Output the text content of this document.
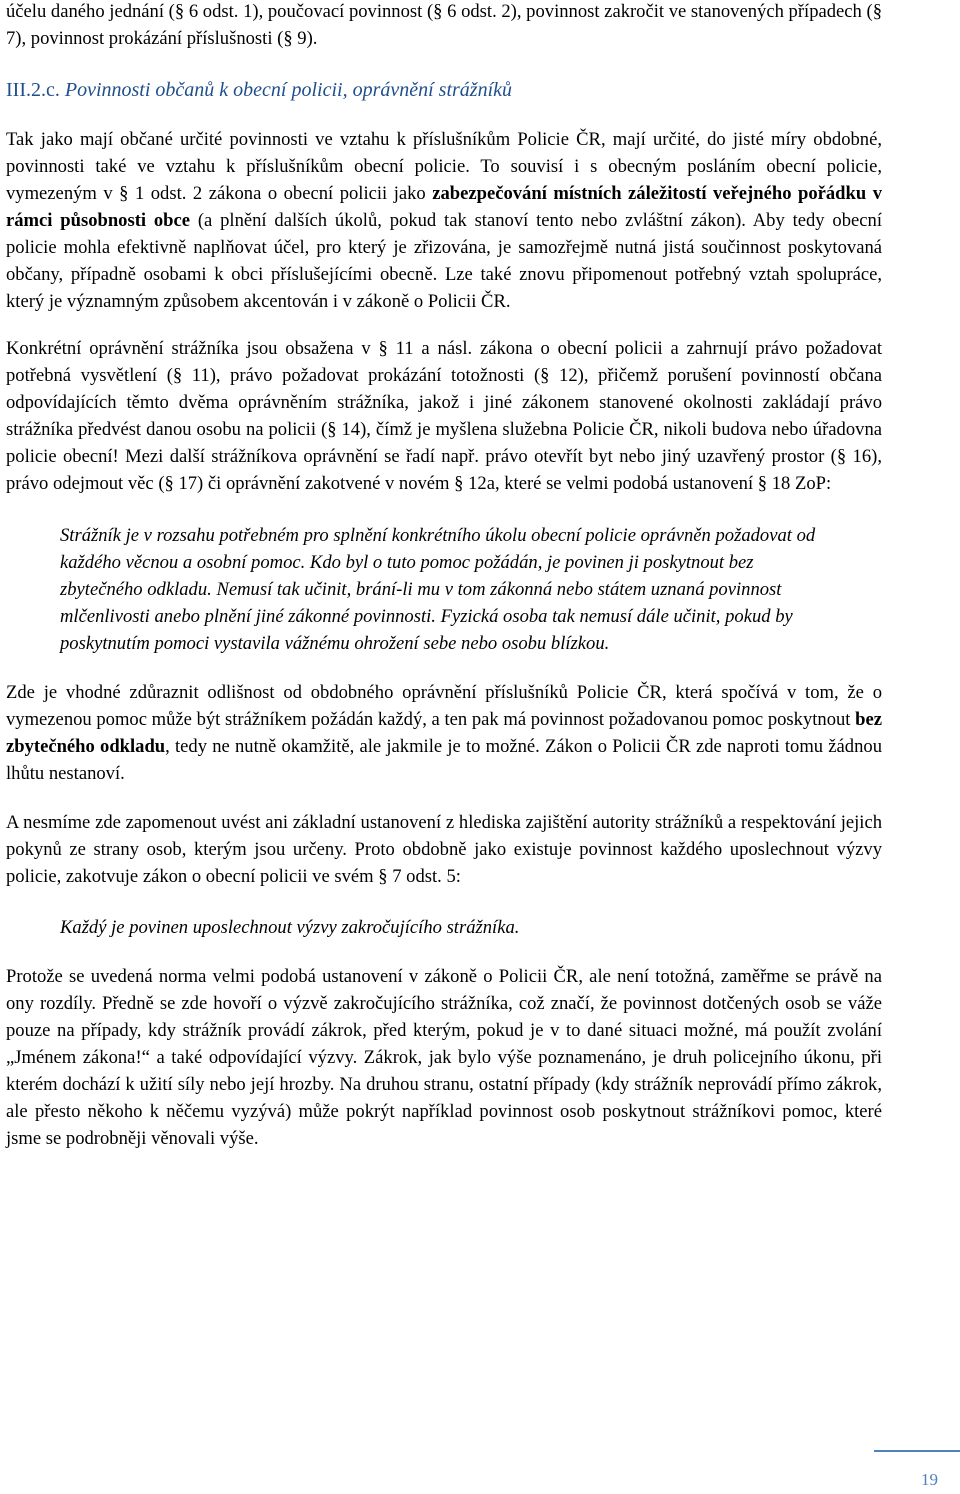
účelu daného jednání (§ 6 odst. 1), poučovací povinnost (§ 6 odst. 2), povinnost zakročit ve stanovených případech (§ 7), povinnost prokázání příslušnosti (§ 9).

III.2.c. Povinnosti občanů k obecní policii, oprávnění strážníků

Tak jako mají občané určité povinnosti ve vztahu k příslušníkům Policie ČR, mají určité, do jisté míry obdobné, povinnosti také ve vztahu k příslušníkům obecní policie. To souvisí i s obecným posláním obecní policie, vymezeným v § 1 odst. 2 zákona o obecní policii jako zabezpečování místních záležitostí veřejného pořádku v rámci působnosti obce (a plnění dalších úkolů, pokud tak stanoví tento nebo zvláštní zákon). Aby tedy obecní policie mohla efektivně naplňovat účel, pro který je zřizována, je samozřejmě nutná jistá součinnost poskytovaná občany, případně osobami k obci příslušejícími obecně. Lze také znovu připomenout potřebný vztah spolupráce, který je významným způsobem akcentován i v zákoně o Policii ČR.

Konkrétní oprávnění strážníka jsou obsažena v § 11 a násl. zákona o obecní policii a zahrnují právo požadovat potřebná vysvětlení (§ 11), právo požadovat prokázání totožnosti (§ 12), přičemž porušení povinností občana odpovídajících těmto dvěma oprávněním strážníka, jakož i jiné zákonem stanovené okolnosti zakládají právo strážníka předvést danou osobu na policii (§ 14), čímž je myšlena služebna Policie ČR, nikoli budova nebo úřadovna policie obecní! Mezi další strážníkova oprávnění se řadí např. právo otevřít byt nebo jiný uzavřený prostor (§ 16), právo odejmout věc (§ 17) či oprávnění zakotvené v novém § 12a, které se velmi podobá ustanovení § 18 ZoP:

Strážník je v rozsahu potřebném pro splnění konkrétního úkolu obecní policie oprávněn požadovat od každého věcnou a osobní pomoc. Kdo byl o tuto pomoc požádán, je povinen ji poskytnout bez zbytečného odkladu. Nemusí tak učinit, brání-li mu v tom zákonná nebo státem uznaná povinnost mlčenlivosti anebo plnění jiné zákonné povinnosti. Fyzická osoba tak nemusí dále učinit, pokud by poskytnutím pomoci vystavila vážnému ohrožení sebe nebo osobu blízkou.

Zde je vhodné zdůraznit odlišnost od obdobného oprávnění příslušníků Policie ČR, která spočívá v tom, že o vymezenou pomoc může být strážníkem požádán každý, a ten pak má povinnost požadovanou pomoc poskytnout bez zbytečného odkladu, tedy ne nutně okamžitě, ale jakmile je to možné. Zákon o Policii ČR zde naproti tomu žádnou lhůtu nestanoví.

A nesmíme zde zapomenout uvést ani základní ustanovení z hlediska zajištění autority strážníků a respektování jejich pokynů ze strany osob, kterým jsou určeny. Proto obdobně jako existuje povinnost každého uposlechnout výzvy policie, zakotvuje zákon o obecní policii ve svém § 7 odst. 5:

Každý je povinen uposlechnout výzvy zakročujícího strážníka.

Protože se uvedená norma velmi podobá ustanovení v zákoně o Policii ČR, ale není totožná, zaměřme se právě na ony rozdíly. Předně se zde hovoří o výzvě zakročujícího strážníka, což značí, že povinnost dotčených osob se váže pouze na případy, kdy strážník provádí zákrok, před kterým, pokud je v to dané situaci možné, má použít zvolání „Jménem zákona!“ a také odpovídající výzvy. Zákrok, jak bylo výše poznamenáno, je druh policejního úkonu, při kterém dochází k užití síly nebo její hrozby. Na druhou stranu, ostatní případy (kdy strážník neprovádí přímo zákrok, ale přesto někoho k něčemu vyzývá) může pokrýt například povinnost osob poskytnout strážníkovi pomoc, které jsme se podrobněji věnovali výše.

19
